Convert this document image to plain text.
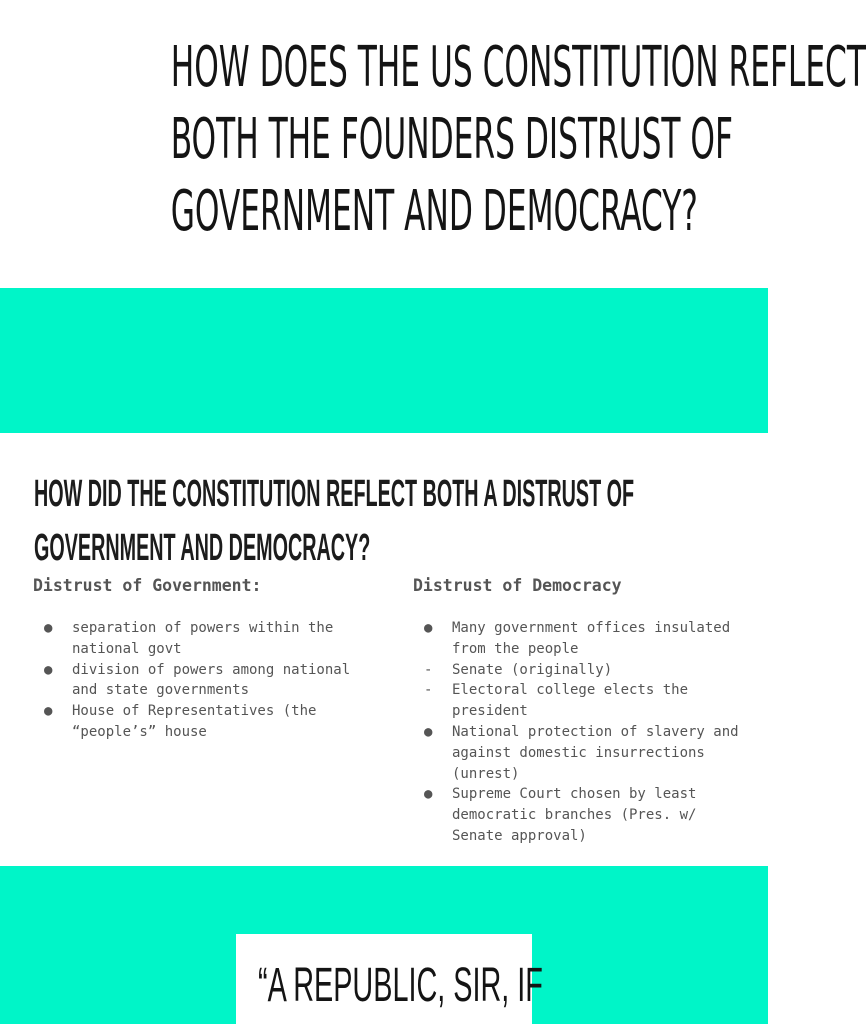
HOW DOES THE US CONSTITUTION REFLECT
BOTH THE FOUNDERS DISTRUST OF
GOVERNMENT AND DEMOCRACY?
HOW DID THE CONSTITUTION REFLECT BOTH A DISTRUST OF
GOVERNMENT AND DEMOCRACY?
Distrust of Government:
● separation of powers within the national govt
● division of powers among national and state governments
● House of Representatives (the “people’s” house
Distrust of Democracy
● Many government offices insulated from the people
- Senate (originally)
- Electoral college elects the president
● National protection of slavery and against domestic insurrections (unrest)
● Supreme Court chosen by least democratic branches (Pres. w/ Senate approval)
“A REPUBLIC, SIR, IF
